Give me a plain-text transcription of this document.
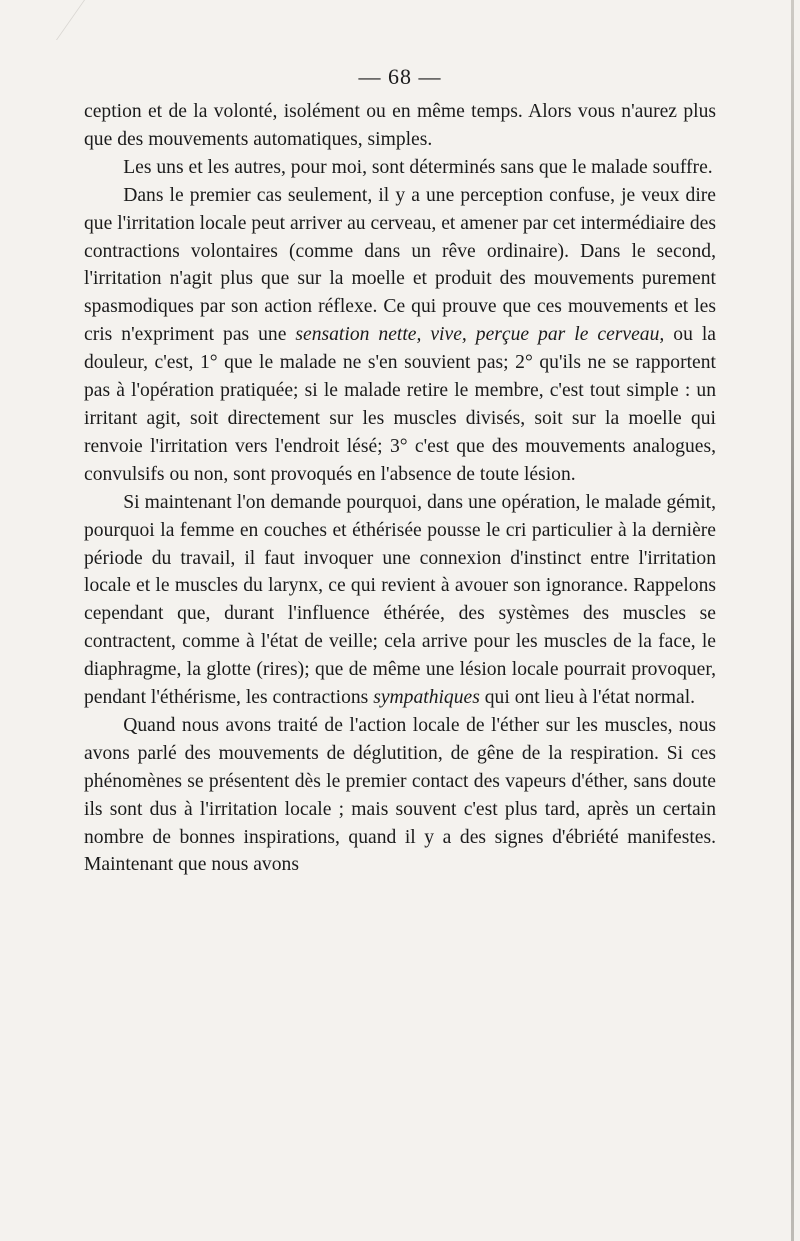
— 68 —

ception et de la volonté, isolément ou en même temps. Alors vous n'aurez plus que des mouvements automatiques, simples.

Les uns et les autres, pour moi, sont déterminés sans que le malade souffre.

Dans le premier cas seulement, il y a une perception confuse, je veux dire que l'irritation locale peut arriver au cerveau, et amener par cet intermédiaire des contractions volontaires (comme dans un rêve ordinaire). Dans le second, l'irritation n'agit plus que sur la moelle et produit des mouvements purement spasmodiques par son action réflexe. Ce qui prouve que ces mouvements et les cris n'expriment pas une sensation nette, vive, perçue par le cerveau, ou la douleur, c'est, 1° que le malade ne s'en souvient pas; 2° qu'ils ne se rapportent pas à l'opération pratiquée; si le malade retire le membre, c'est tout simple : un irritant agit, soit directement sur les muscles divisés, soit sur la moelle qui renvoie l'irritation vers l'endroit lésé; 3° c'est que des mouvements analogues, convulsifs ou non, sont provoqués en l'absence de toute lésion.

Si maintenant l'on demande pourquoi, dans une opération, le malade gémit, pourquoi la femme en couches et éthérisée pousse le cri particulier à la dernière période du travail, il faut invoquer une connexion d'instinct entre l'irritation locale et le muscles du larynx, ce qui revient à avouer son ignorance. Rappelons cependant que, durant l'influence éthérée, des systèmes des muscles se contractent, comme à l'état de veille; cela arrive pour les muscles de la face, le diaphragme, la glotte (rires); que de même une lésion locale pourrait provoquer, pendant l'éthérisme, les contractions sympathiques qui ont lieu à l'état normal.

Quand nous avons traité de l'action locale de l'éther sur les muscles, nous avons parlé des mouvements de déglutition, de gêne de la respiration. Si ces phénomènes se présentent dès le premier contact des vapeurs d'éther, sans doute ils sont dus à l'irritation locale ; mais souvent c'est plus tard, après un certain nombre de bonnes inspirations, quand il y a des signes d'ébriété manifestes. Maintenant que nous avons
